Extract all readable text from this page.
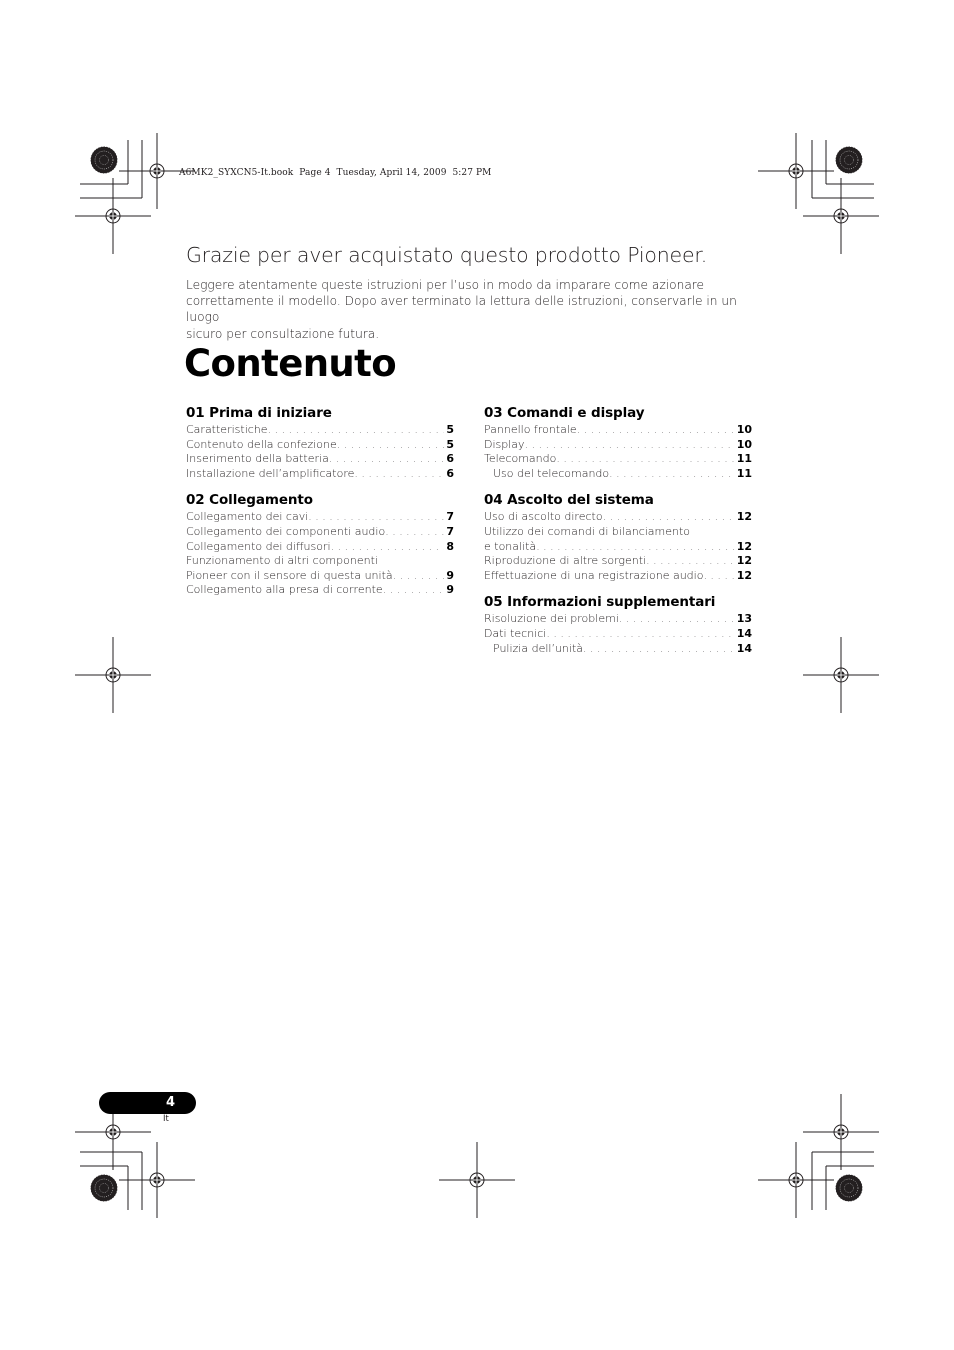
A6MK2_SYXCN5-It.book  Page 4  Tuesday, April 14, 2009  5:27 PM
Grazie per aver acquistato questo prodotto Pioneer.
Leggere atentamente queste istruzioni per l’uso in modo da imparare come azionare
correttamente il modello. Dopo aver terminato la lettura delle istruzioni, conservarle in un luogo
sicuro per consultazione futura.
Contenuto
01 Prima di iniziare
Caratteristiche . . .	5
Contenuto della confezione . . .	5
Inserimento della batteria . . .	6
Installazione dell’amplificatore . . .	6
02 Collegamento
Collegamento dei cavi . . .	7
Collegamento dei componenti audio . . .	7
Collegamento dei diffusori . . .	8
Funzionamento di altri componenti
Pioneer con il sensore di questa unità . . .	9
Collegamento alla presa di corrente . . .	9
03 Comandi e display
Pannello frontale . . .	10
Display . . .	10
Telecomando . . .	11
Uso del telecomando . . .	11
04 Ascolto del sistema
Uso di ascolto directo . . .	12
Utilizzo dei comandi di bilanciamento
e tonalità . . .	12
Riproduzione di altre sorgenti . . .	12
Effettuazione di una registrazione audio . . .	12
05 Informazioni supplementari
Risoluzione dei problemi . . .	13
Dati tecnici . . .	14
Pulizia dell’unità . . .	14
4
It
